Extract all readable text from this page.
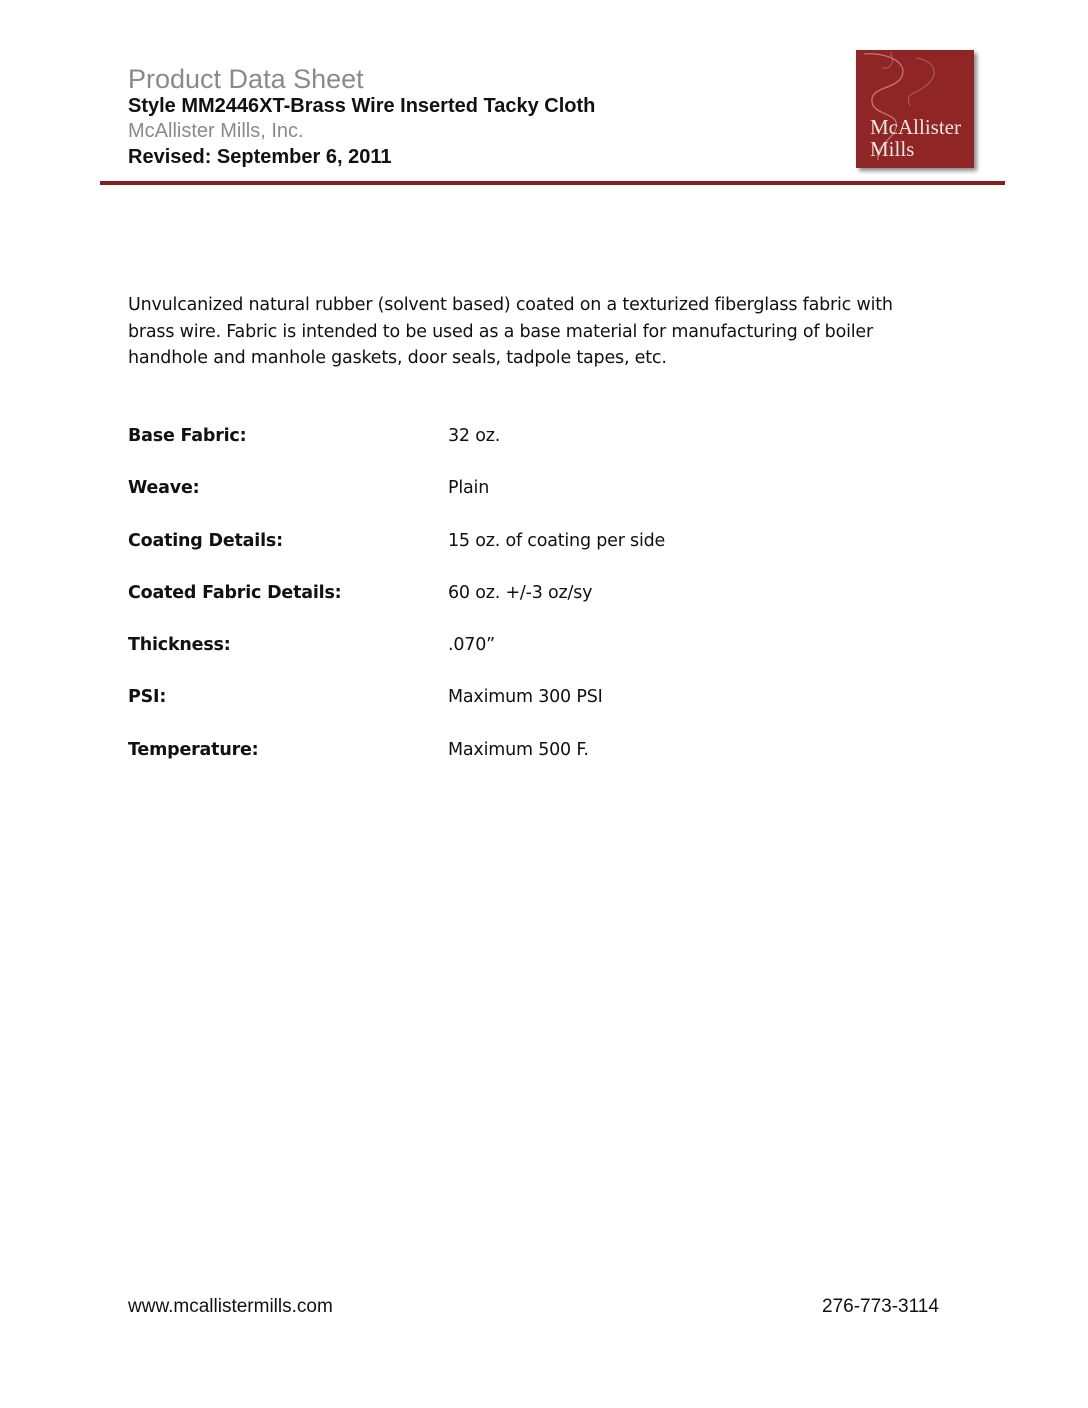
Product Data Sheet
Style MM2446XT-Brass Wire Inserted Tacky Cloth
McAllister Mills, Inc.
Revised: September 6, 2011
McAllister
Mills
Unvulcanized natural rubber (solvent based) coated on a texturized fiberglass fabric with brass wire. Fabric is intended to be used as a base material for manufacturing of boiler handhole and manhole gaskets, door seals, tadpole tapes, etc.
Base Fabric:	32 oz.
Weave:	Plain
Coating Details:	15 oz. of coating per side
Coated Fabric Details:	60 oz. +/-3 oz/sy
Thickness:	.070”
PSI:	Maximum 300 PSI
Temperature:	Maximum 500 F.
www.mcallistermills.com	276-773-3114
